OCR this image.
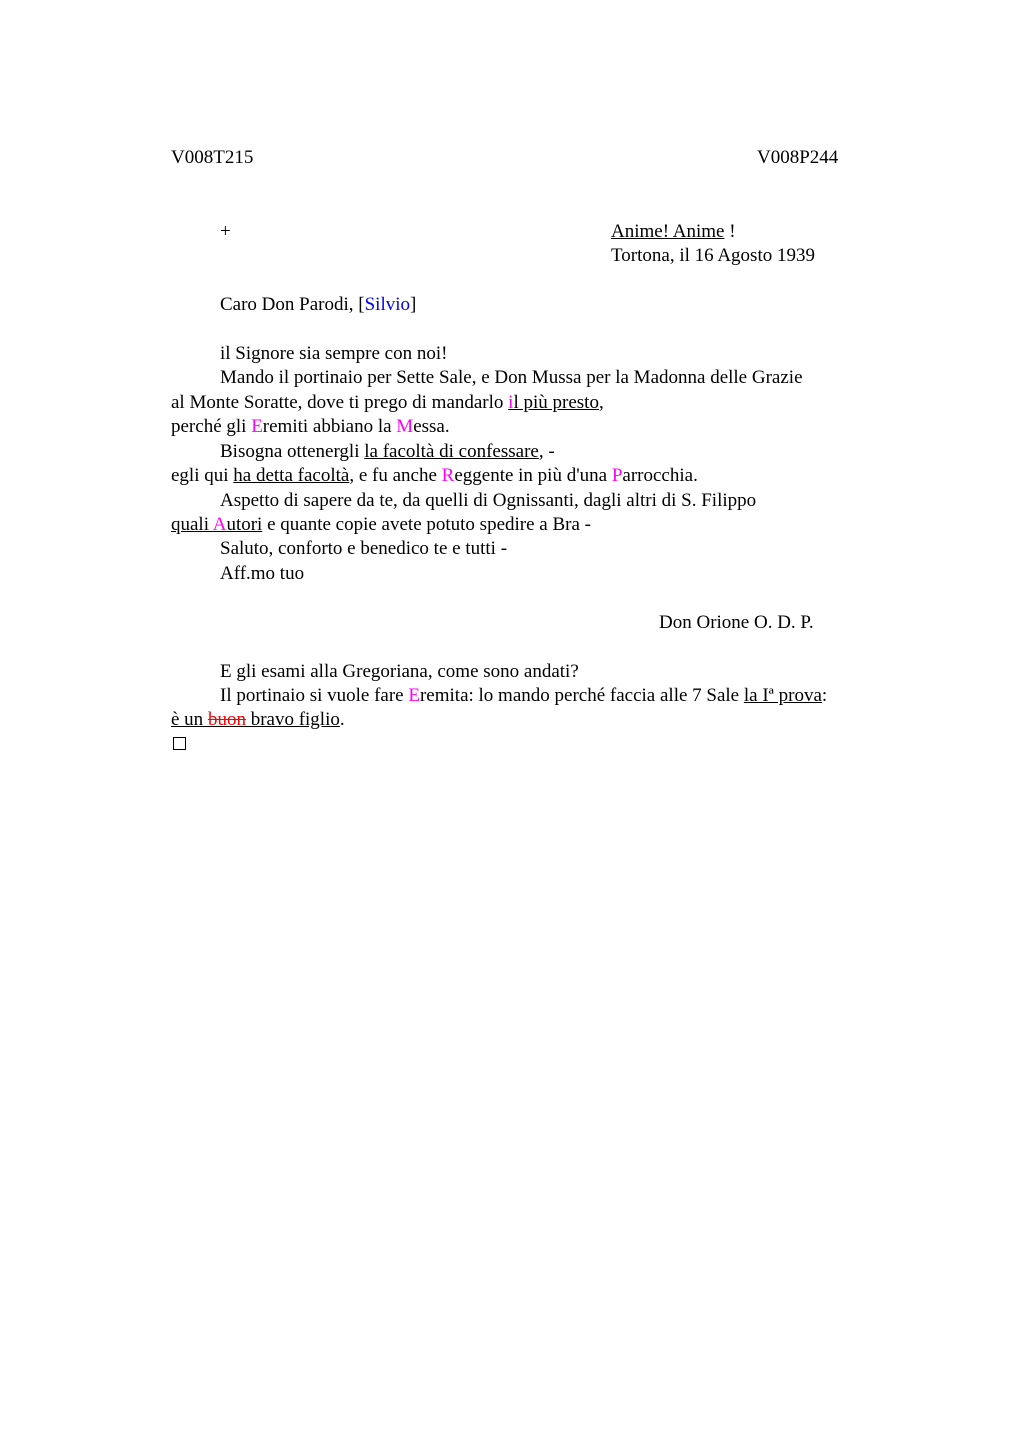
V008T215	V008P244
+	Anime! Anime !
Tortona, il 16 Agosto 1939
Caro Don Parodi, [Silvio]
il Signore sia sempre con noi!
Mando il portinaio per Sette Sale, e Don Mussa per la Madonna delle Grazie
al Monte Soratte, dove ti prego di mandarlo il più presto,
perché gli Eremiti abbiano la Messa.
Bisogna ottenergli la facoltà di confessare, -
egli qui ha detta facoltà, e fu anche Reggente in più d'una Parrocchia.
Aspetto di sapere da te, da quelli di Ognissanti, dagli altri di S. Filippo
quali Autori e quante copie avete potuto spedire a Bra -
Saluto, conforto e benedico te e tutti -
Aff.mo tuo
Don Orione O. D. P.
E gli esami alla Gregoriana, come sono andati?
Il portinaio si vuole fare Eremita: lo mando perché faccia alle 7 Sale la Iª prova:
è un buon bravo figlio.
